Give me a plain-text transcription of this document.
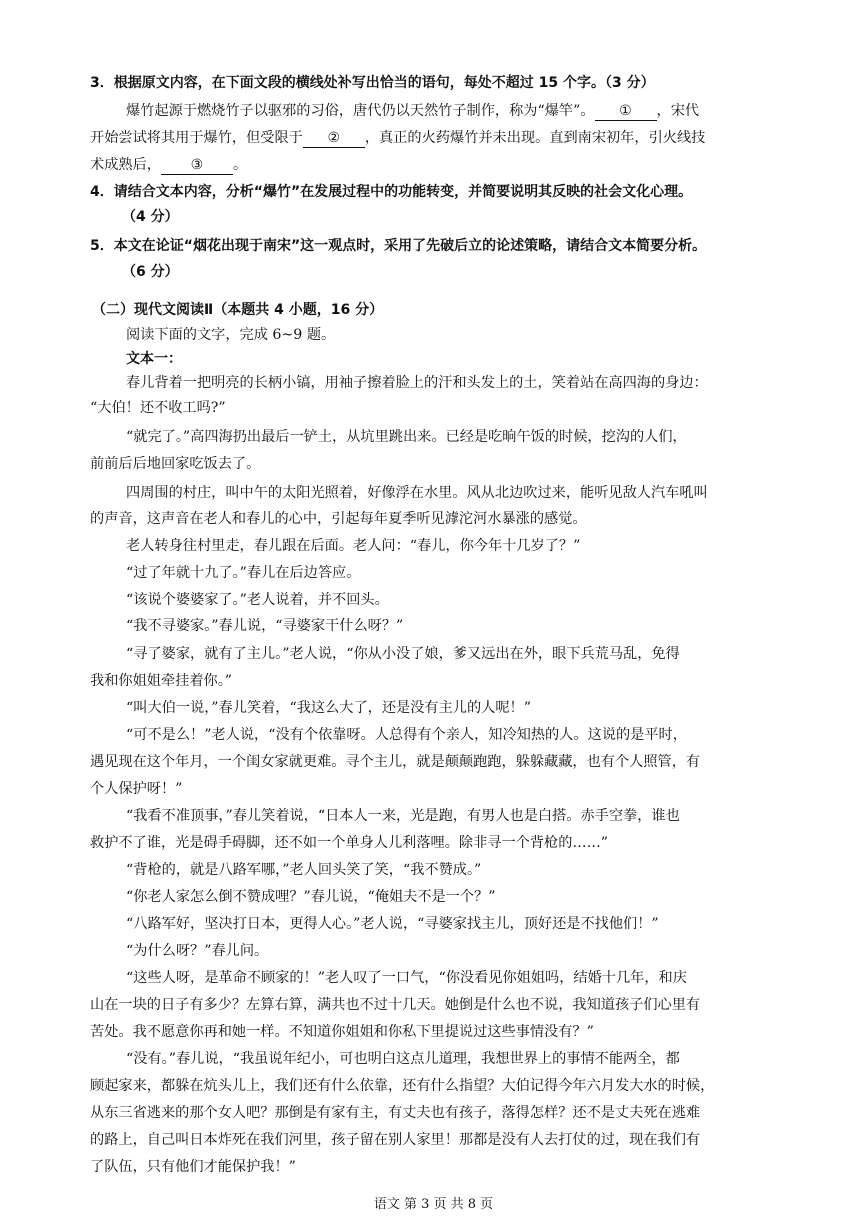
3．根据原文内容，在下面文段的横线处补写出恰当的语句，每处不超过 15 个字。（3 分）
爆竹起源于燃烧竹子以驱邪的习俗，唐代仍以天然竹子制作，称为“爆竿”。 ① ，宋代
开始尝试将其用于爆竹，但受限于 ② ，真正的火药爆竹并未出现。直到南宋初年，引火线技
术成熟后， ③ 。
4．请结合文本内容，分析“爆竹”在发展过程中的功能转变，并简要说明其反映的社会文化心理。
（4 分）
5．本文在论证“烟花出现于南宋”这一观点时，采用了先破后立的论述策略，请结合文本简要分析。
（6 分）
（二）现代文阅读Ⅱ（本题共 4 小题，16 分）
阅读下面的文字，完成 6~9 题。
文本一：
春儿背着一把明亮的长柄小镐，用袖子擦着脸上的汗和头发上的土，笑着站在高四海的身边：
“大伯！还不收工吗?”
“就完了。”高四海扔出最后一铲土，从坑里跳出来。已经是吃晌午饭的时候，挖沟的人们，
前前后后地回家吃饭去了。
四周围的村庄，叫中午的太阳光照着，好像浮在水里。风从北边吹过来，能听见敌人汽车吼叫
的声音，这声音在老人和春儿的心中，引起每年夏季听见滹沱河水暴涨的感觉。
老人转身往村里走，春儿跟在后面。老人问：“春儿，你今年十几岁了？”
“过了年就十九了。”春儿在后边答应。
“该说个婆婆家了。”老人说着，并不回头。
“我不寻婆家。”春儿说，“寻婆家干什么呀？”
“寻了婆家，就有了主儿。”老人说，“你从小没了娘，爹又远出在外，眼下兵荒马乱，免得
我和你姐姐牵挂着你。”
“叫大伯一说，”春儿笑着，“我这么大了，还是没有主儿的人呢！”
“可不是么！”老人说，“没有个依靠呀。人总得有个亲人，知冷知热的人。这说的是平时，
遇见现在这个年月，一个闺女家就更难。寻个主儿，就是颠颠跑跑，躲躲藏藏，也有个人照管，有
个人保护呀！”
“我看不准顶事，”春儿笑着说，“日本人一来，光是跑，有男人也是白搭。赤手空拳，谁也
救护不了谁，光是碍手碍脚，还不如一个单身人儿利落哩。除非寻一个背枪的……”
“背枪的，就是八路军哪，”老人回头笑了笑，“我不赞成。”
“你老人家怎么倒不赞成哩？”春儿说，“俺姐夫不是一个？”
“八路军好，坚决打日本，更得人心。”老人说，“寻婆家找主儿，顶好还是不找他们！”
“为什么呀？”春儿问。
“这些人呀，是革命不顾家的！”老人叹了一口气，“你没看见你姐姐吗，结婚十几年，和庆
山在一块的日子有多少？左算右算，满共也不过十几天。她倒是什么也不说，我知道孩子们心里有
苦处。我不愿意你再和她一样。不知道你姐姐和你私下里提说过这些事情没有？”
“没有。”春儿说，“我虽说年纪小，可也明白这点儿道理，我想世界上的事情不能两全，都
顾起家来，都躲在炕头儿上，我们还有什么依靠，还有什么指望？大伯记得今年六月发大水的时候，
从东三省逃来的那个女人吧？那倒是有家有主，有丈夫也有孩子，落得怎样？还不是丈夫死在逃难
的路上，自己叫日本炸死在我们河里，孩子留在别人家里！那都是没有人去打仗的过，现在我们有
了队伍，只有他们才能保护我！”
语文 第 3 页 共 8 页
